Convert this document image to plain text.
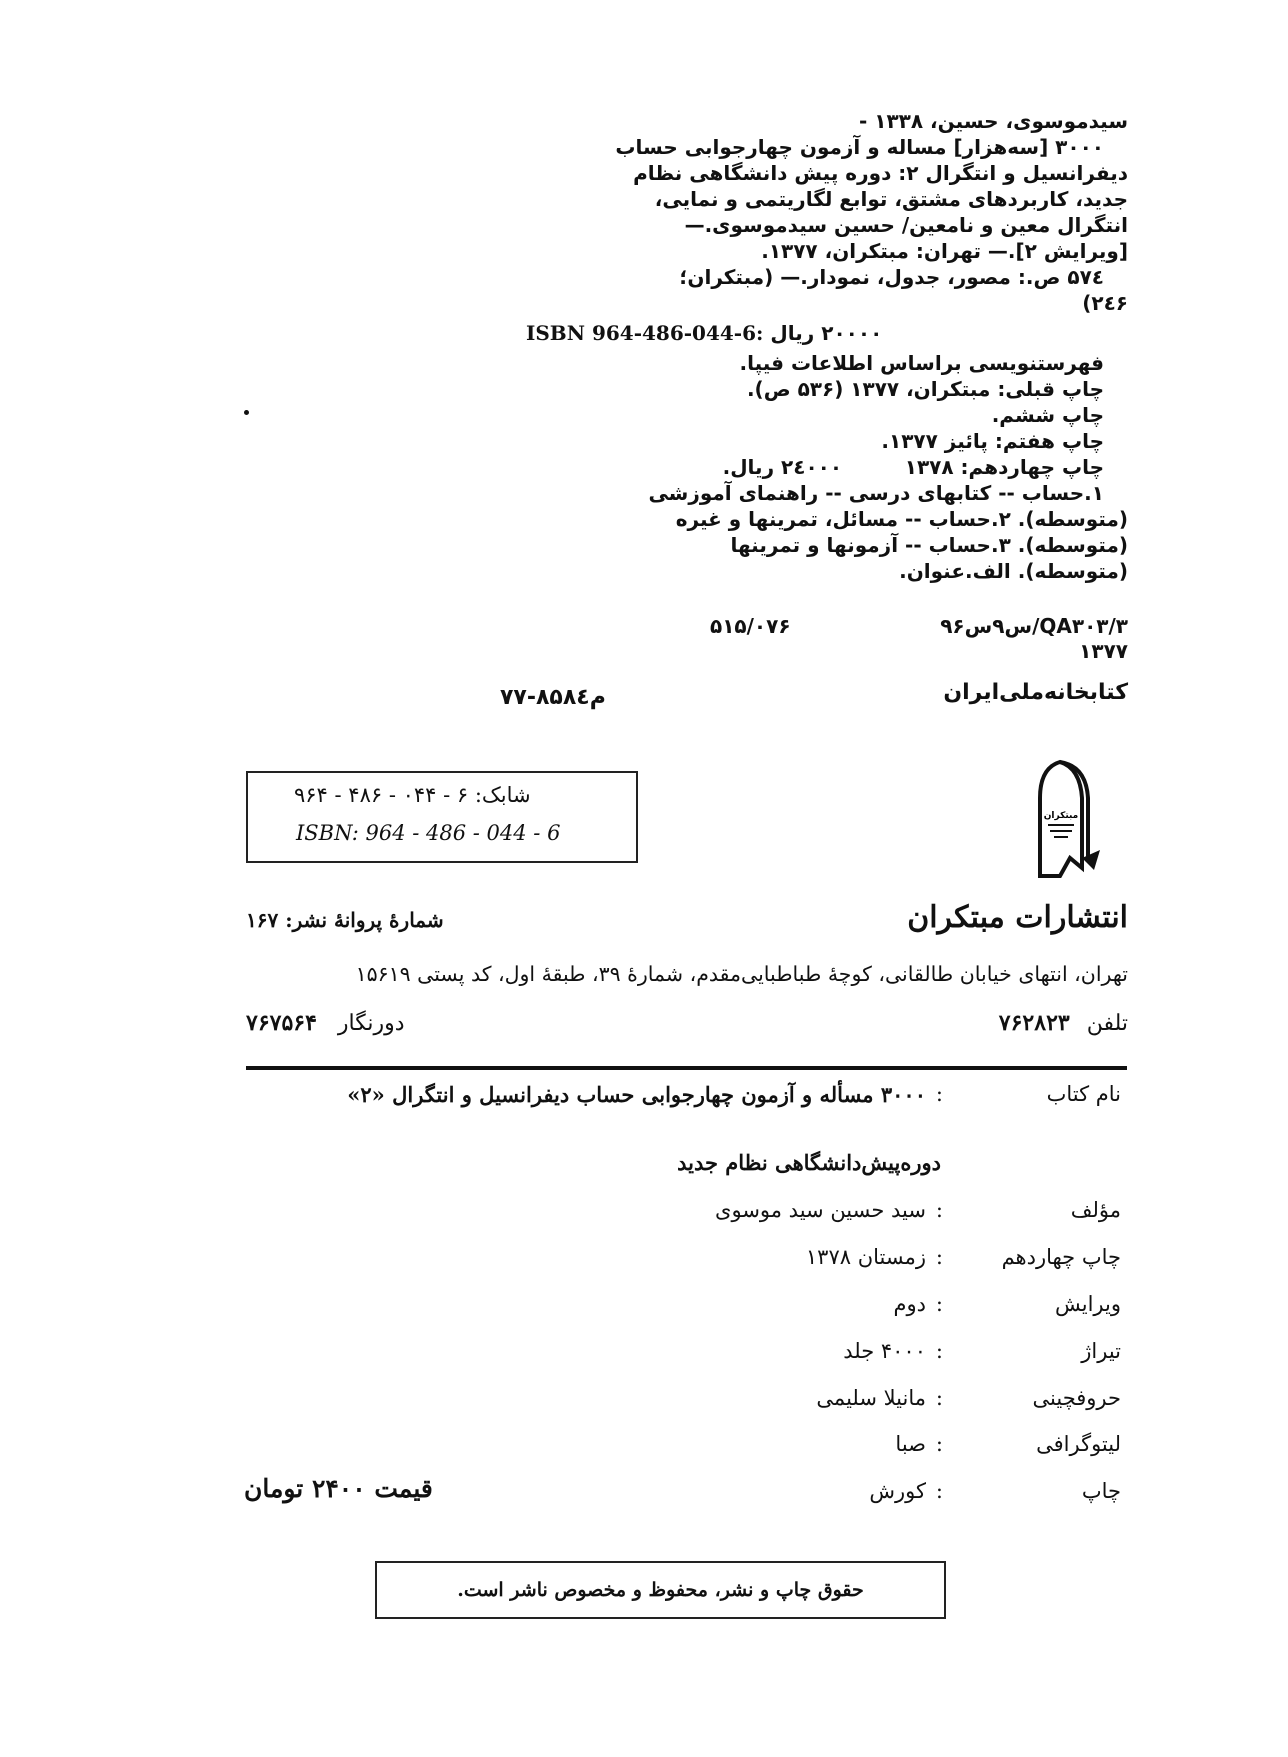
سیدموسوی، حسین، ۱۳۳۸ -
۳۰۰۰ [سه‌هزار] مساله و آزمون چهارجوابی حساب
دیفرانسیل و انتگرال ۲: دوره پیش دانشگاهی نظام
جدید، کاربردهای مشتق، توابع لگاریتمی و نمایی،
انتگرال معین و نامعین/ حسین سیدموسوی.—
[ویرایش ۲].— تهران: مبتکران، ۱۳۷۷.
۵۷٤ ص.: مصور، جدول، نمودار.— (مبتکران؛
۲٤۶)
ISBN 964-486-044-6: ۲۰۰۰۰ ریال
فهرستنویسی براساس اطلاعات فیپا.
چاپ قبلی: مبتکران، ۱۳۷۷ (۵۳۶ ص).
چاپ ششم.
چاپ هفتم: پائیز ۱۳۷۷.
چاپ چهاردهم: ۱۳۷۸         ۲٤۰۰۰ ریال.
۱.حساب -- کتابهای درسی -- راهنمای آموزشی
(متوسطه). ۲.حساب -- مسائل، تمرینها و غیره
(متوسطه). ۳.حساب -- آزمونها و تمرینها
(متوسطه). الف.عنوان.
QA۳۰۳/۳/س۹س۹۶
۱۳۷۷
۵۱۵/۰۷۶
کتابخانه‌ملی‌ایران
م۸۵۸٤-۷۷
شابک: ۶ - ۰۴۴ - ۴۸۶ - ۹۶۴
ISBN: 964 - 486 - 044 - 6
مبتکران
انتشارات مبتکران
شمارهٔ پروانهٔ نشر: ۱۶۷
تهران، انتهای خیابان طالقانی، کوچهٔ طباطبایی‌مقدم، شمارهٔ ۳۹، طبقهٔ اول، کد پستی ۱۵۶۱۹
تلفن ۷۶۲۸۲۳
دورنگار ۷۶۷۵۶۴
نام کتاب
:
۳۰۰۰ مسأله و آزمون چهارجوابی حساب دیفرانسیل و انتگرال «۲»
دوره‌پیش‌دانشگاهی نظام جدید
مؤلف
:
سید حسین سید موسوی
چاپ چهاردهم
:
زمستان ۱۳۷۸
ویرایش
:
دوم
تیراژ
:
۴۰۰۰ جلد
حروفچینی
:
مانیلا سلیمی
لیتوگرافی
:
صبا
چاپ
:
کورش
قیمت ۲۴۰۰ تومان
حقوق چاپ و نشر، محفوظ و مخصوص ناشر است.
